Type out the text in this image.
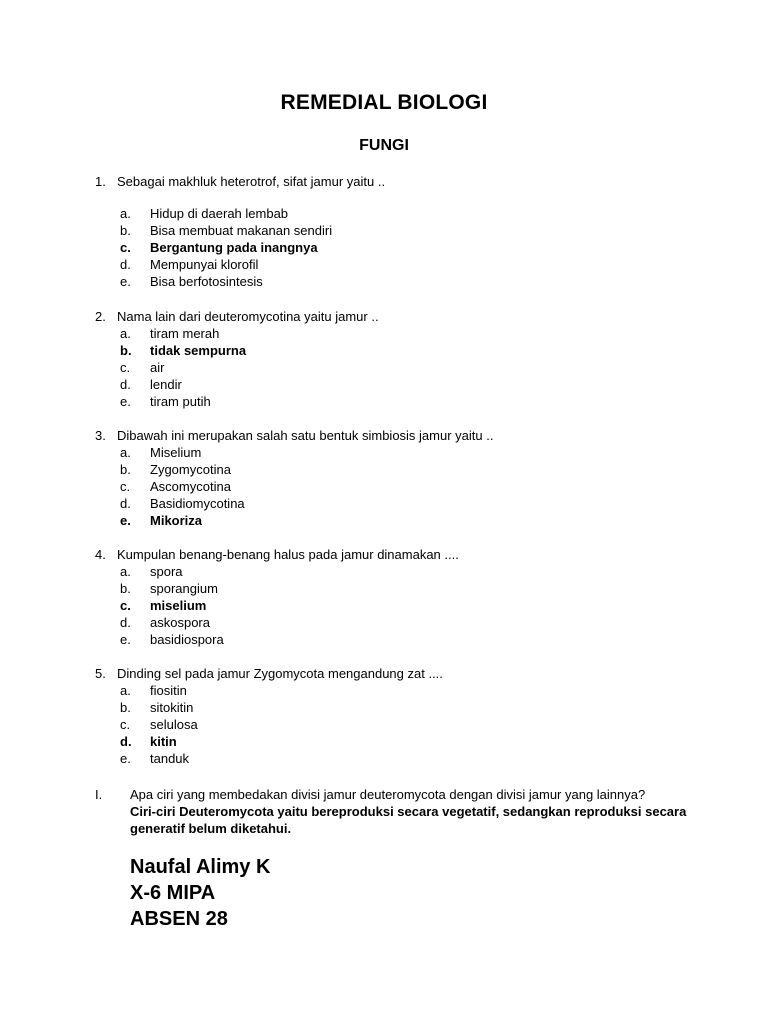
REMEDIAL BIOLOGI
FUNGI
1. Sebagai makhluk heterotrof, sifat jamur yaitu ..
a. Hidup di daerah lembab
b. Bisa membuat makanan sendiri
c. Bergantung pada inangnya
d. Mempunyai klorofil
e. Bisa berfotosintesis
2. Nama lain dari deuteromycotina yaitu jamur ..
a. tiram merah
b. tidak sempurna
c. air
d. lendir
e. tiram putih
3. Dibawah ini merupakan salah satu bentuk simbiosis jamur yaitu ..
a. Miselium
b. Zygomycotina
c. Ascomycotina
d. Basidiomycotina
e. Mikoriza
4. Kumpulan benang-benang halus pada jamur dinamakan ....
a. spora
b. sporangium
c. miselium
d. askospora
e. basidiospora
5. Dinding sel pada jamur Zygomycota mengandung zat ....
a. fiositin
b. sitokitin
c. selulosa
d. kitin
e. tanduk
I. Apa ciri yang membedakan divisi jamur deuteromycota dengan divisi jamur yang lainnya?
Ciri-ciri Deuteromycota yaitu bereproduksi secara vegetatif, sedangkan reproduksi secara generatif belum diketahui.
Naufal Alimy K
X-6 MIPA
ABSEN 28
